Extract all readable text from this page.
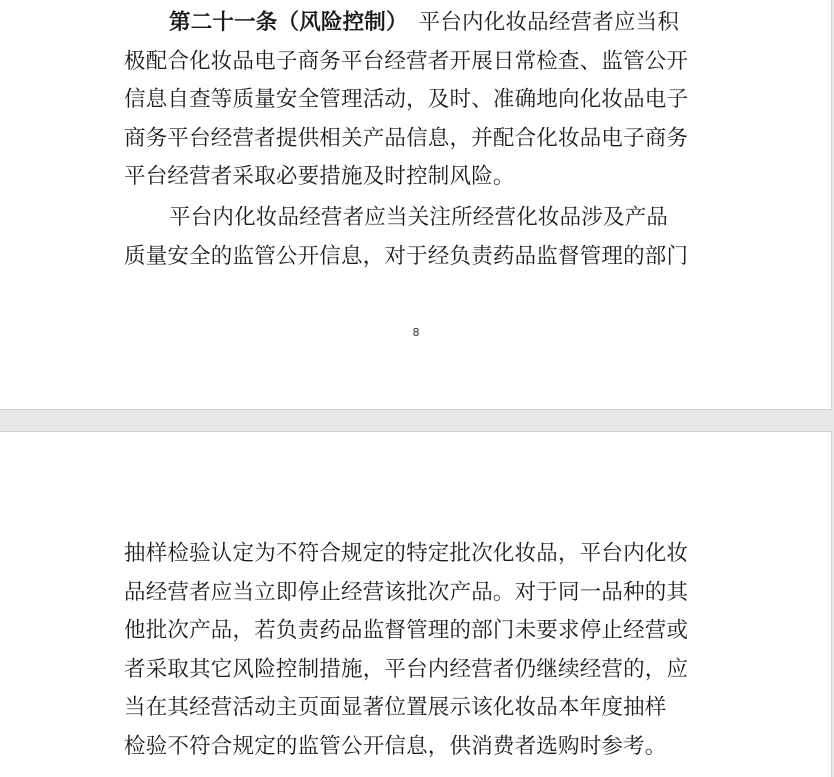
第二十一条（风险控制）　 平台内化妆品经营者应当积
极配合化妆品电子商务平台经营者开展日常检查、监管公开
信息自查等质量安全管理活动，及时、准确地向化妆品电子
商务平台经营者提供相关产品信息，并配合化妆品电子商务
平台经营者采取必要措施及时控制风险。

平台内化妆品经营者应当关注所经营化妆品涉及产品
质量安全的监管公开信息，对于经负责药品监督管理的部门

8

抽样检验认定为不符合规定的特定批次化妆品，平台内化妆
品经营者应当立即停止经营该批次产品。对于同一品种的其
他批次产品，若负责药品监督管理的部门未要求停止经营或
者采取其它风险控制措施，平台内经营者仍继续经营的，应
当在其经营活动主页面显著位置展示该化妆品本年度抽样
检验不符合规定的监管公开信息，供消费者选购时参考。
